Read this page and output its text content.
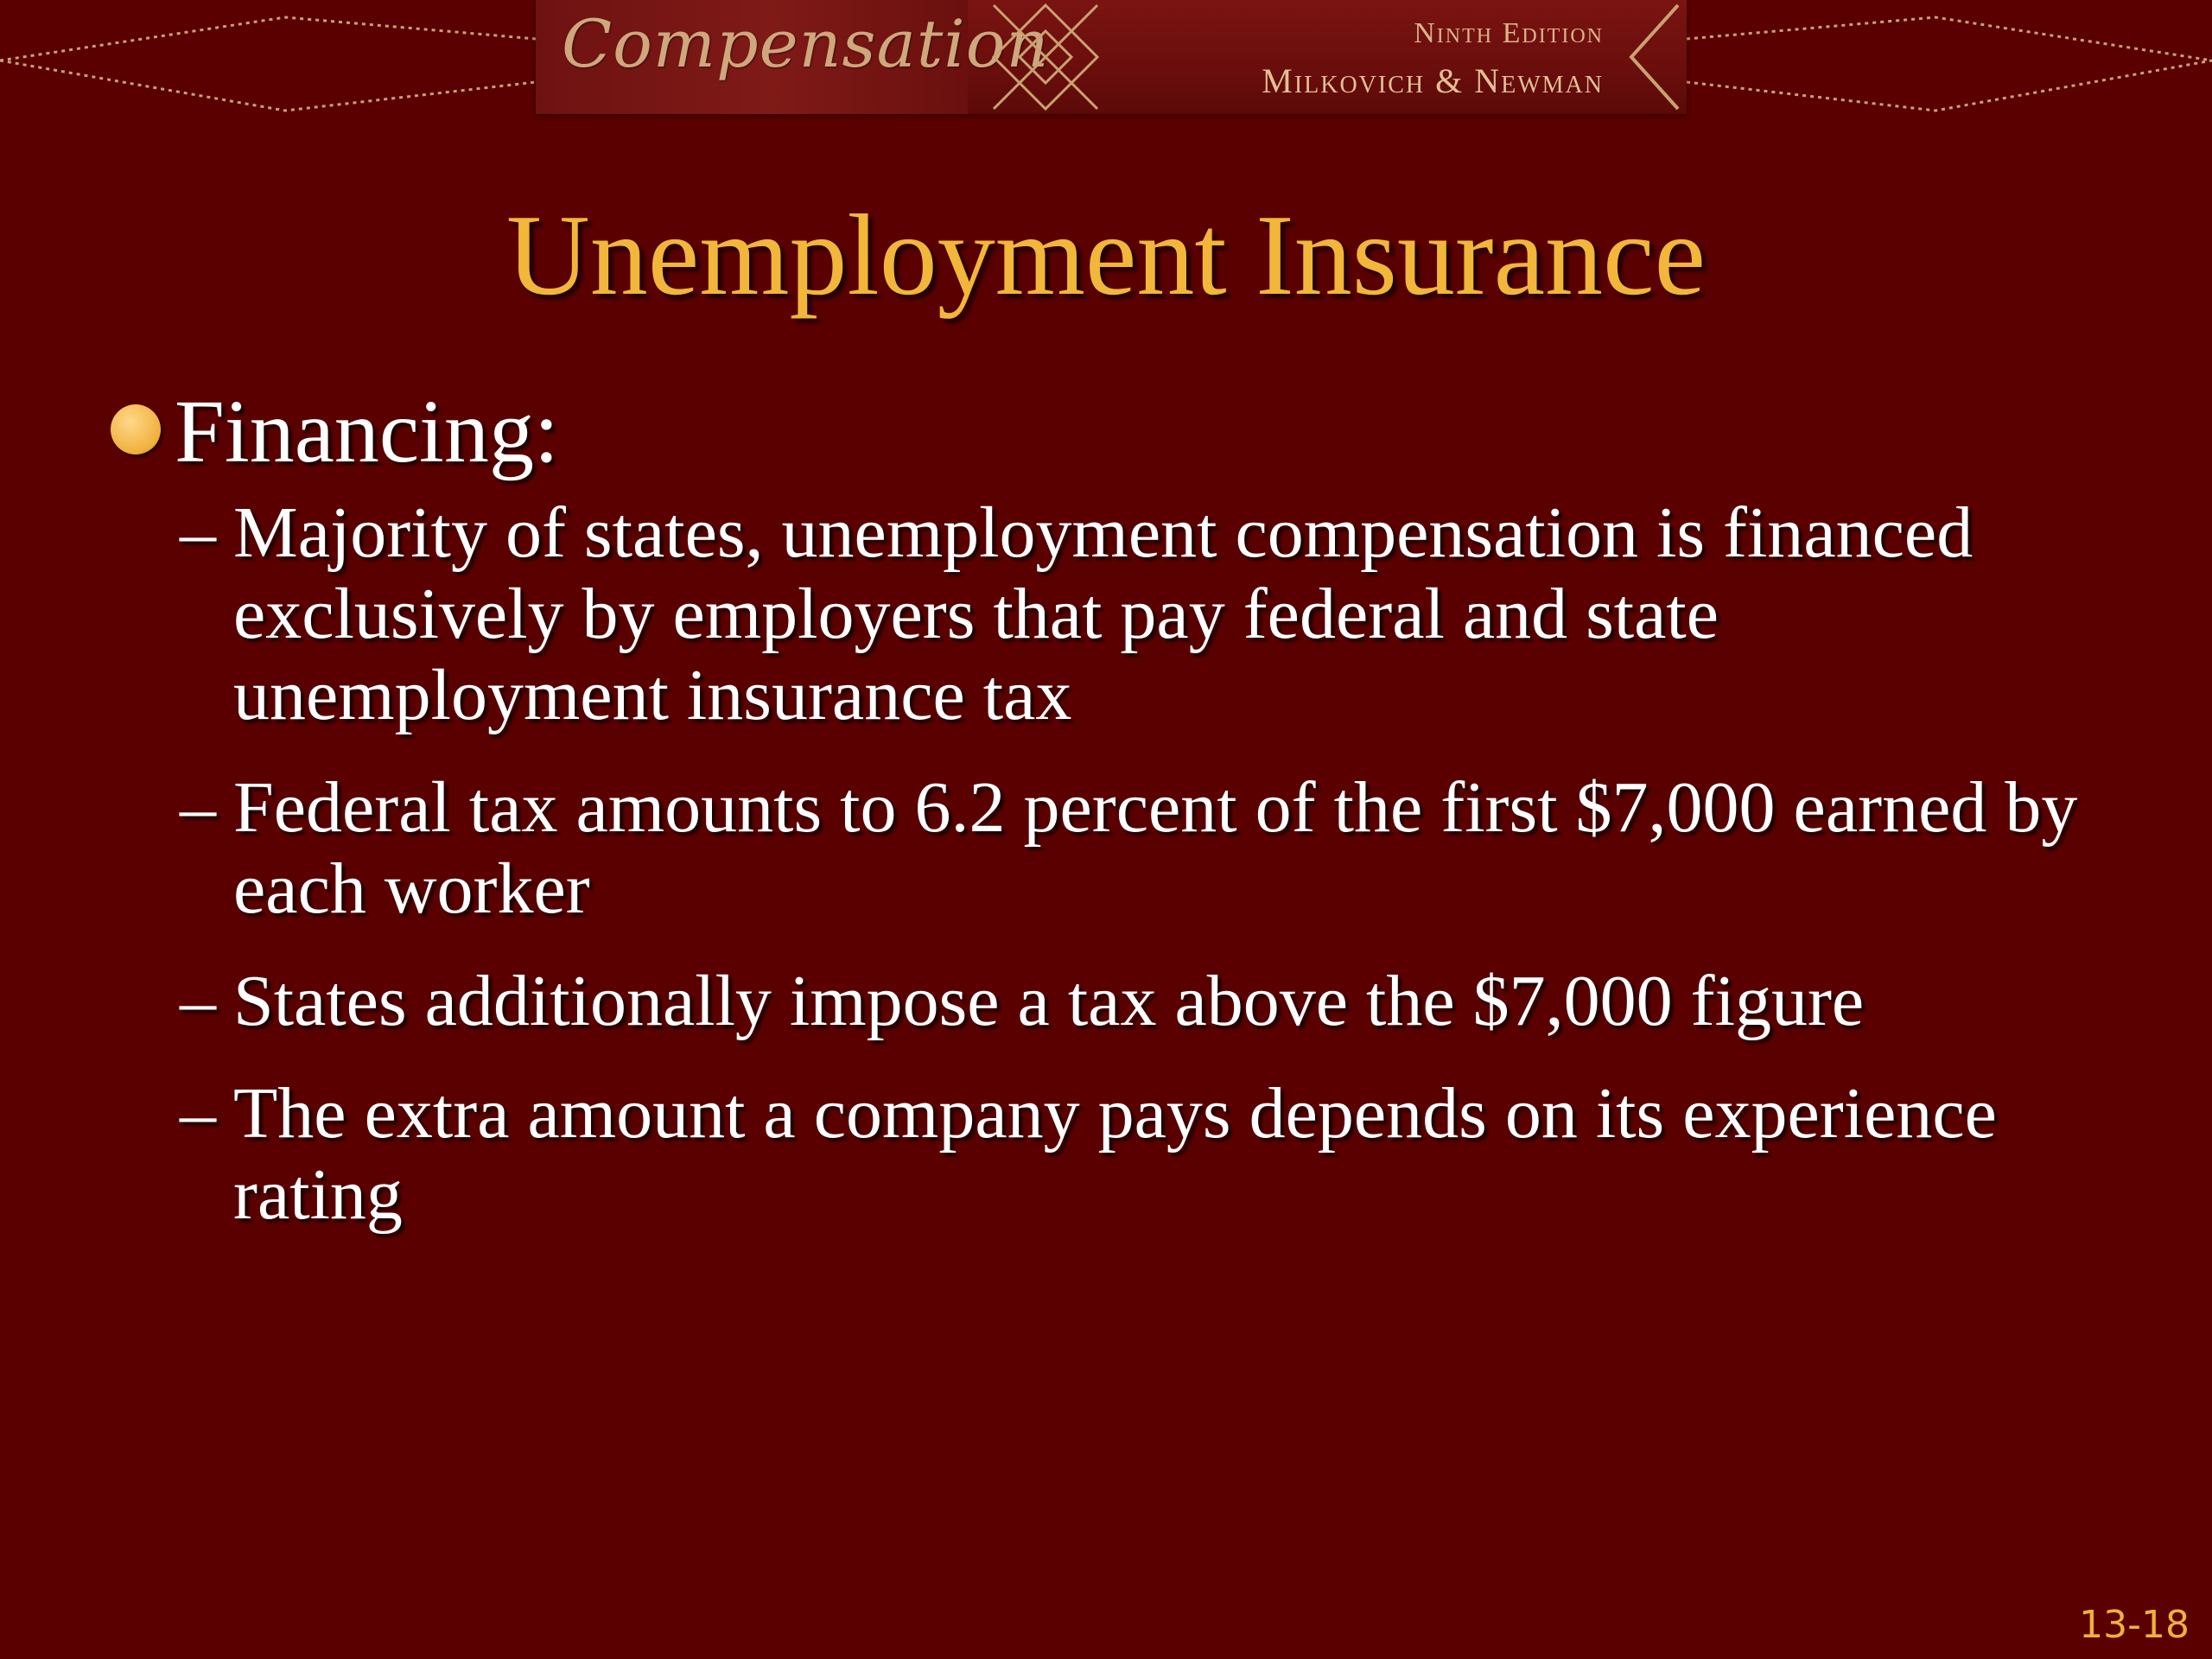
Compensation	Ninth Edition
Milkovich & Newman
Unemployment Insurance
Financing:
– Majority of states, unemployment compensation is financed exclusively by employers that pay federal and state unemployment insurance tax
– Federal tax amounts to 6.2 percent of the first $7,000 earned by each worker
– States additionally impose a tax above the $7,000 figure
– The extra amount a company pays depends on its experience rating
13-18
